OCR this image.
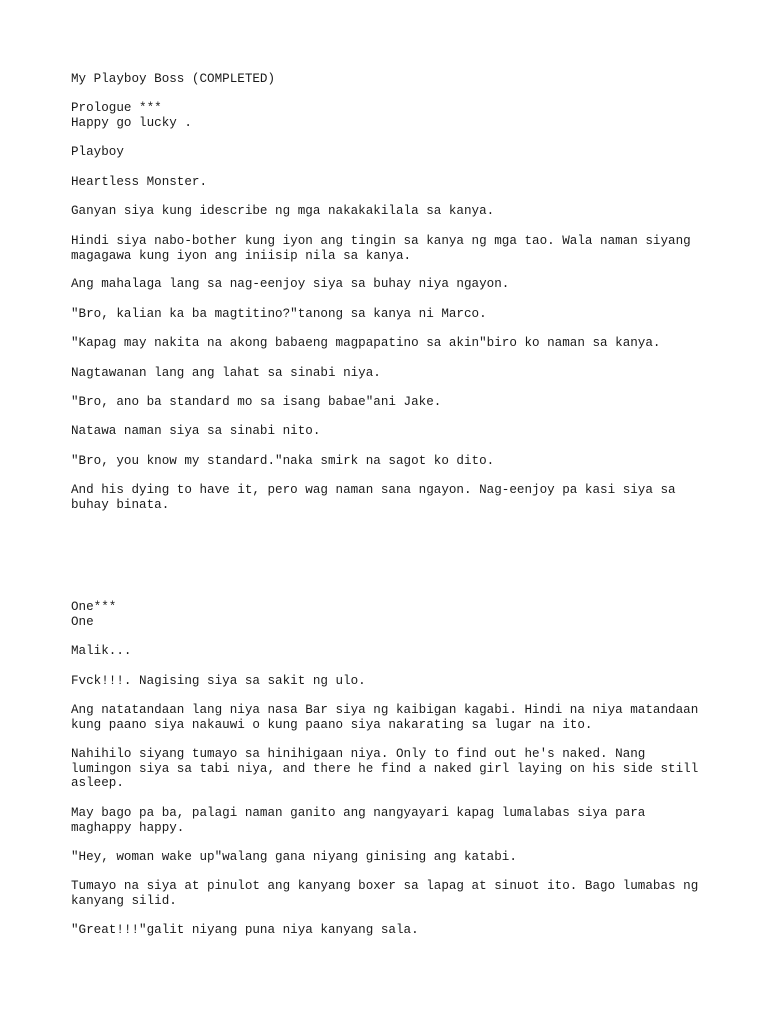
My Playboy Boss (COMPLETED)

Prologue ***
Happy go lucky .

Playboy

Heartless Monster.

Ganyan siya kung idescribe ng mga nakakakilala sa kanya.

Hindi siya nabo-bother kung iyon ang tingin sa kanya ng mga tao. Wala naman siyang
magagawa kung iyon ang iniisip nila sa kanya.

Ang mahalaga lang sa nag-eenjoy siya sa buhay niya ngayon.

"Bro, kalian ka ba magtitino?"tanong sa kanya ni Marco.

"Kapag may nakita na akong babaeng magpapatino sa akin"biro ko naman sa kanya.

Nagtawanan lang ang lahat sa sinabi niya.

"Bro, ano ba standard mo sa isang babae"ani Jake.

Natawa naman siya sa sinabi nito.

"Bro, you know my standard."naka smirk na sagot ko dito.

And his dying to have it, pero wag naman sana ngayon. Nag-eenjoy pa kasi siya sa
buhay binata.

One***
One

Malik...

Fvck!!!. Nagising siya sa sakit ng ulo.

Ang natatandaan lang niya nasa Bar siya ng kaibigan kagabi. Hindi na niya matandaan
kung paano siya nakauwi o kung paano siya nakarating sa lugar na ito.

Nahihilo siyang tumayo sa hinihigaan niya. Only to find out he's naked. Nang
lumingon siya sa tabi niya, and there he find a naked girl laying on his side still
asleep.

May bago pa ba, palagi naman ganito ang nangyayari kapag lumalabas siya para
maghappy happy.

"Hey, woman wake up"walang gana niyang ginising ang katabi.

Tumayo na siya at pinulot ang kanyang boxer sa lapag at sinuot ito. Bago lumabas ng
kanyang silid.

"Great!!!"galit niyang puna niya kanyang sala.
